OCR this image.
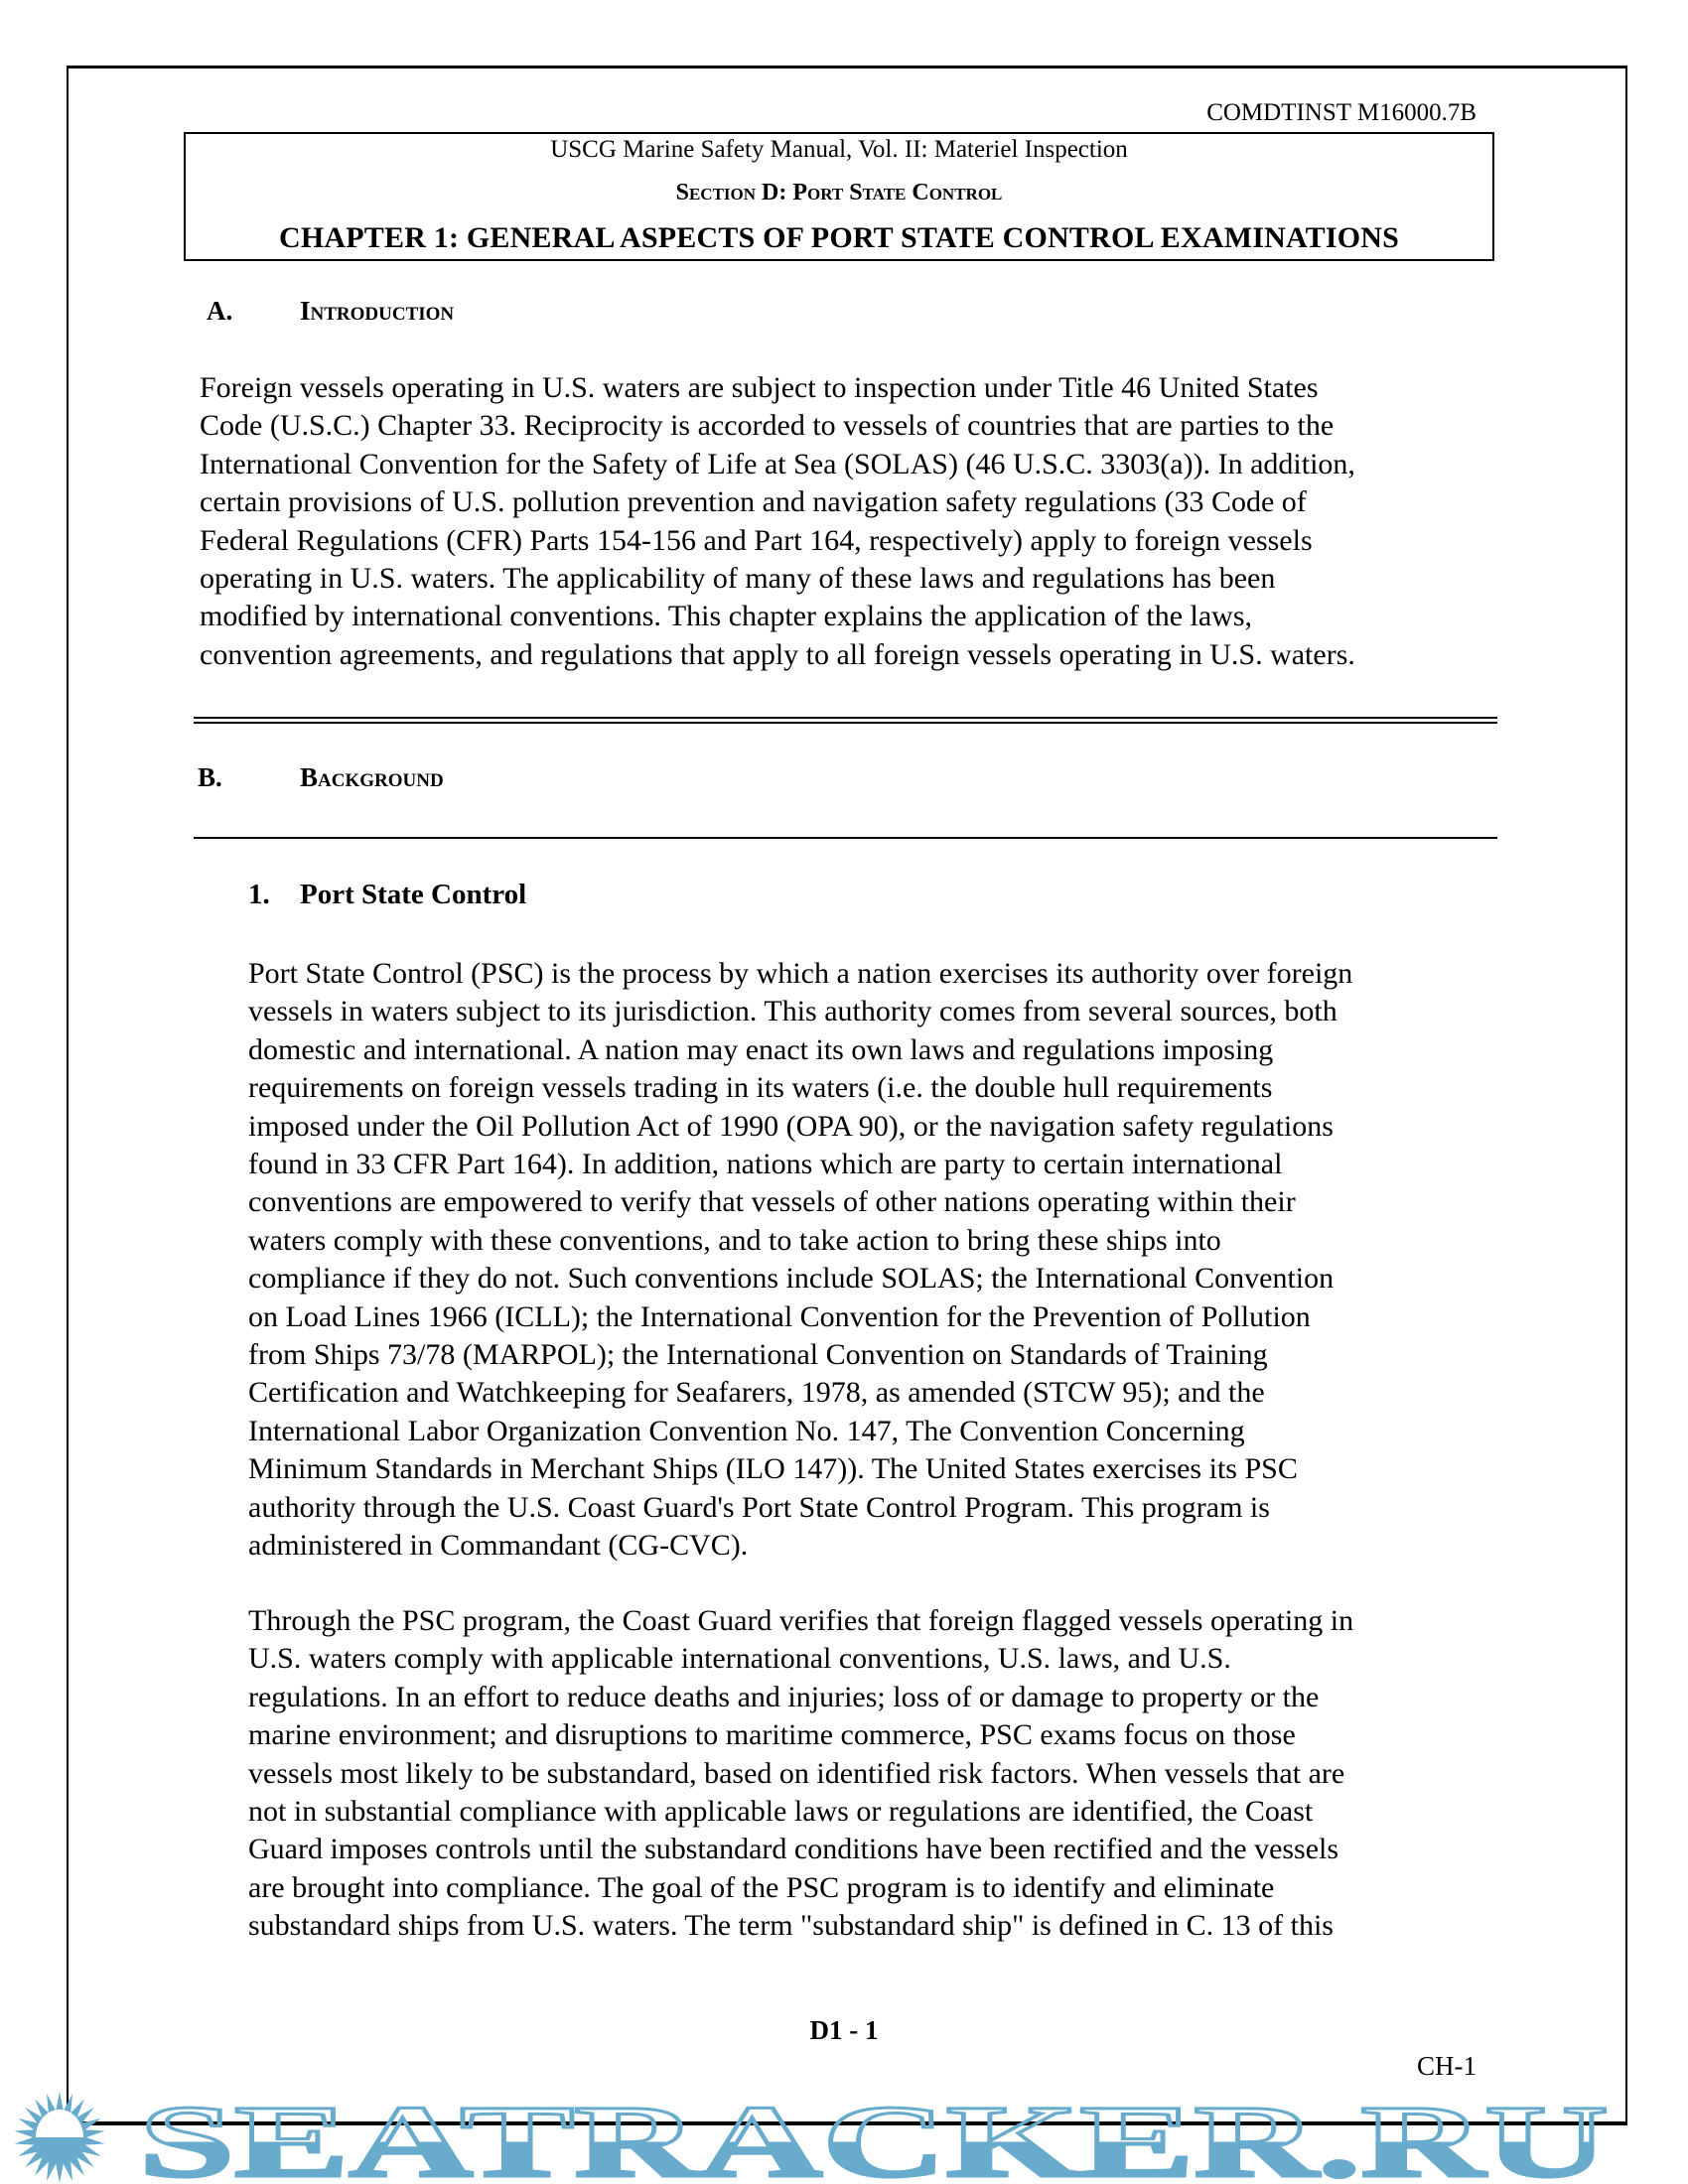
COMDTINST M16000.7B
USCG Marine Safety Manual, Vol. II: Materiel Inspection
Section D: Port State Control
CHAPTER 1: GENERAL ASPECTS OF PORT STATE CONTROL EXAMINATIONS
A.	Introduction
Foreign vessels operating in U.S. waters are subject to inspection under Title 46 United States
Code (U.S.C.) Chapter 33. Reciprocity is accorded to vessels of countries that are parties to the
International Convention for the Safety of Life at Sea (SOLAS) (46 U.S.C. 3303(a)). In addition,
certain provisions of U.S. pollution prevention and navigation safety regulations (33 Code of
Federal Regulations (CFR) Parts 154-156 and Part 164, respectively) apply to foreign vessels
operating in U.S. waters. The applicability of many of these laws and regulations has been
modified by international conventions. This chapter explains the application of the laws,
convention agreements, and regulations that apply to all foreign vessels operating in U.S. waters.
B.	Background
1. Port State Control
Port State Control (PSC) is the process by which a nation exercises its authority over foreign
vessels in waters subject to its jurisdiction. This authority comes from several sources, both
domestic and international. A nation may enact its own laws and regulations imposing
requirements on foreign vessels trading in its waters (i.e. the double hull requirements
imposed under the Oil Pollution Act of 1990 (OPA 90), or the navigation safety regulations
found in 33 CFR Part 164). In addition, nations which are party to certain international
conventions are empowered to verify that vessels of other nations operating within their
waters comply with these conventions, and to take action to bring these ships into
compliance if they do not. Such conventions include SOLAS; the International Convention
on Load Lines 1966 (ICLL); the International Convention for the Prevention of Pollution
from Ships 73/78 (MARPOL); the International Convention on Standards of Training
Certification and Watchkeeping for Seafarers, 1978, as amended (STCW 95); and the
International Labor Organization Convention No. 147, The Convention Concerning
Minimum Standards in Merchant Ships (ILO 147)). The United States exercises its PSC
authority through the U.S. Coast Guard's Port State Control Program. This program is
administered in Commandant (CG-CVC).
Through the PSC program, the Coast Guard verifies that foreign flagged vessels operating in
U.S. waters comply with applicable international conventions, U.S. laws, and U.S.
regulations. In an effort to reduce deaths and injuries; loss of or damage to property or the
marine environment; and disruptions to maritime commerce, PSC exams focus on those
vessels most likely to be substandard, based on identified risk factors. When vessels that are
not in substantial compliance with applicable laws or regulations are identified, the Coast
Guard imposes controls until the substandard conditions have been rectified and the vessels
are brought into compliance. The goal of the PSC program is to identify and eliminate
substandard ships from U.S. waters. The term "substandard ship" is defined in C. 13 of this
D1 - 1
CH-1
SEATRACKER.RU
